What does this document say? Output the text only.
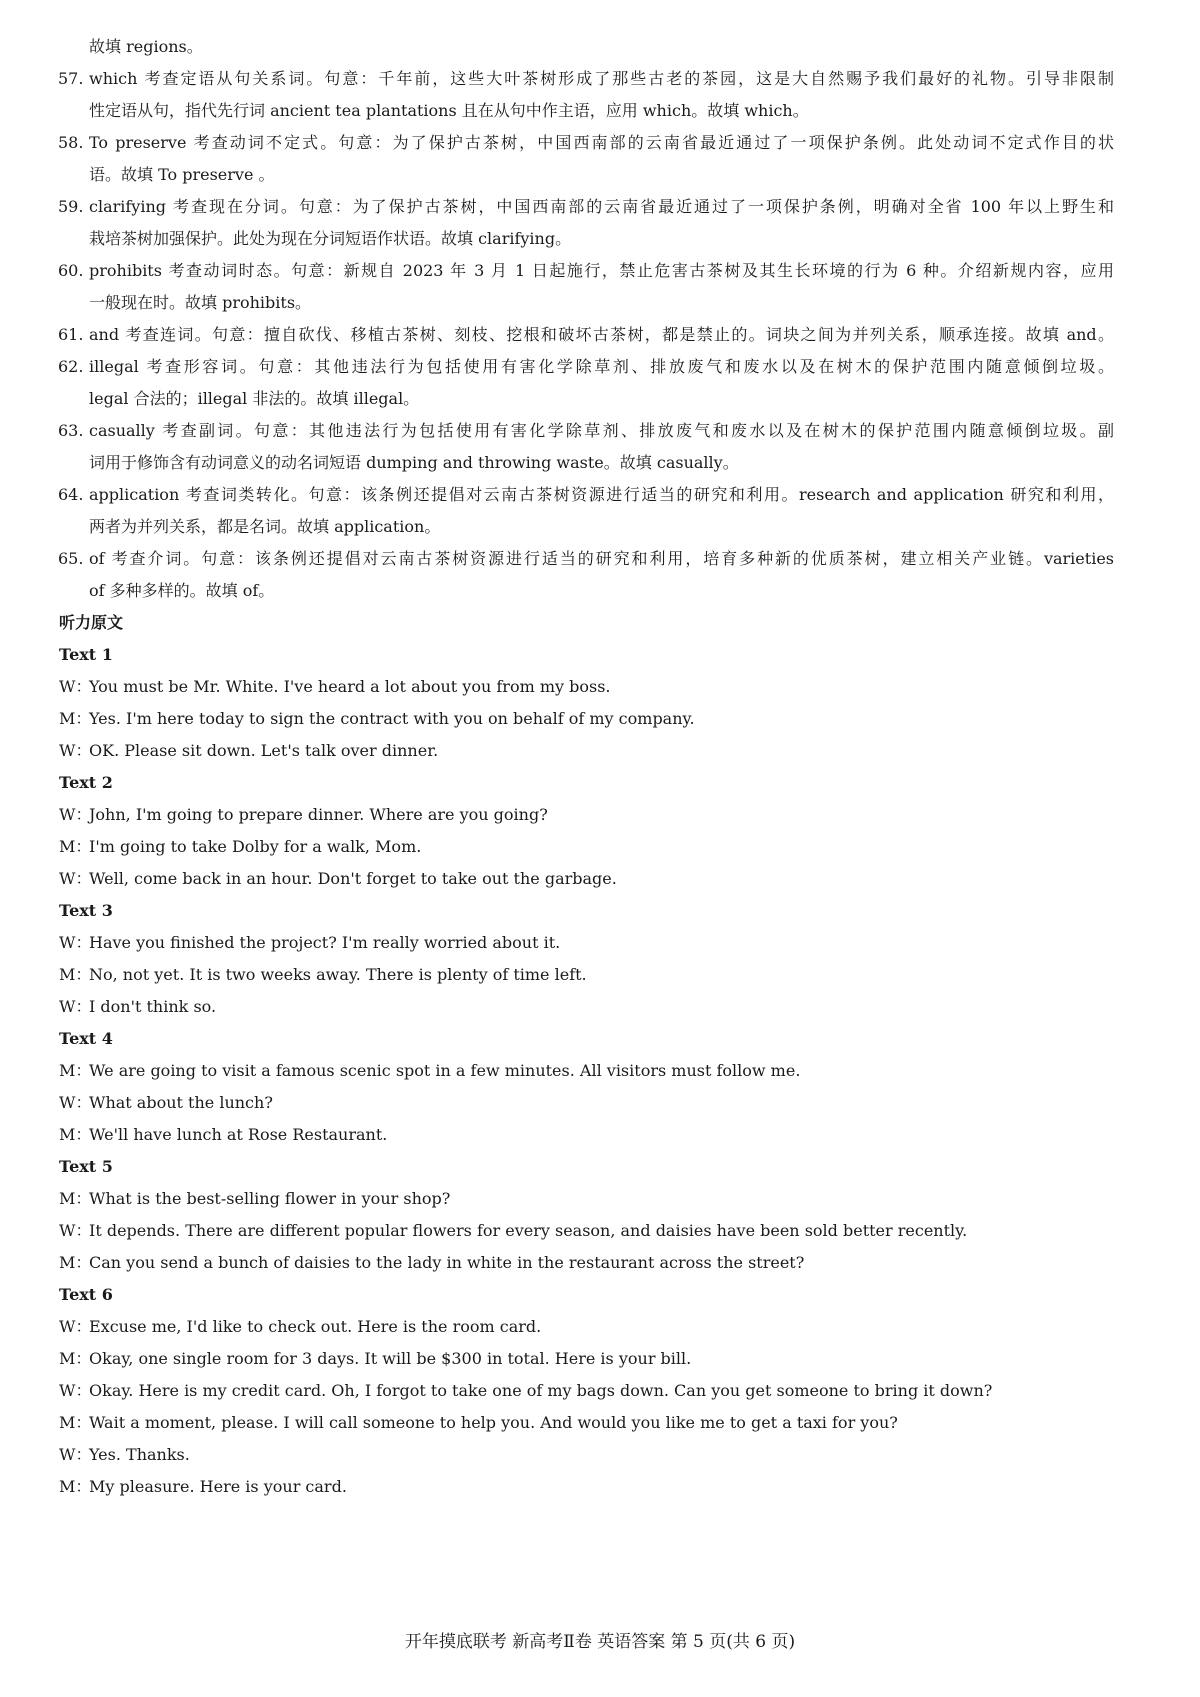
故填 regions。
57. which 考查定语从句关系词。句意：千年前，这些大叶茶树形成了那些古老的茶园，这是大自然赐予我们最好的礼物。引导非限制
性定语从句，指代先行词 ancient tea plantations 且在从句中作主语，应用 which。故填 which。
58. To preserve 考查动词不定式。句意：为了保护古茶树，中国西南部的云南省最近通过了一项保护条例。此处动词不定式作目的状
语。故填 To preserve 。
59. clarifying 考查现在分词。句意：为了保护古茶树，中国西南部的云南省最近通过了一项保护条例，明确对全省 100 年以上野生和
栽培茶树加强保护。此处为现在分词短语作状语。故填 clarifying。
60. prohibits 考查动词时态。句意：新规自 2023 年 3 月 1 日起施行，禁止危害古茶树及其生长环境的行为 6 种。介绍新规内容，应用
一般现在时。故填 prohibits。
61. and 考查连词。句意：擅自砍伐、移植古茶树、刻枝、挖根和破坏古茶树，都是禁止的。词块之间为并列关系，顺承连接。故填 and。
62. illegal 考查形容词。句意：其他违法行为包括使用有害化学除草剂、排放废气和废水以及在树木的保护范围内随意倾倒垃圾。
legal 合法的；illegal 非法的。故填 illegal。
63. casually 考查副词。句意：其他违法行为包括使用有害化学除草剂、排放废气和废水以及在树木的保护范围内随意倾倒垃圾。副
词用于修饰含有动词意义的动名词短语 dumping and throwing waste。故填 casually。
64. application 考查词类转化。句意：该条例还提倡对云南古茶树资源进行适当的研究和利用。research and application 研究和利用，
两者为并列关系，都是名词。故填 application。
65. of 考查介词。句意：该条例还提倡对云南古茶树资源进行适当的研究和利用，培育多种新的优质茶树，建立相关产业链。varieties
of 多种多样的。故填 of。
听力原文
Text 1
W：
You must be Mr. White. I've heard a lot about you from my boss.
M：
Yes. I'm here today to sign the contract with you on behalf of my company.
W：
OK. Please sit down. Let's talk over dinner.
Text 2
W：
John, I'm going to prepare dinner. Where are you going?
M：
I'm going to take Dolby for a walk, Mom.
W：
Well, come back in an hour. Don't forget to take out the garbage.
Text 3
W：
Have you finished the project? I'm really worried about it.
M：
No, not yet. It is two weeks away. There is plenty of time left.
W：
I don't think so.
Text 4
M：
We are going to visit a famous scenic spot in a few minutes. All visitors must follow me.
W：
What about the lunch?
M：
We'll have lunch at Rose Restaurant.
Text 5
M：
What is the best-selling flower in your shop?
W：
It depends. There are different popular flowers for every season, and daisies have been sold better recently.
M：
Can you send a bunch of daisies to the lady in white in the restaurant across the street?
Text 6
W：
Excuse me, I'd like to check out. Here is the room card.
M：
Okay, one single room for 3 days. It will be $300 in total. Here is your bill.
W：
Okay. Here is my credit card. Oh, I forgot to take one of my bags down. Can you get someone to bring it down?
M：
Wait a moment, please. I will call someone to help you. And would you like me to get a taxi for you?
W：
Yes. Thanks.
M：
My pleasure. Here is your card.
开年摸底联考 新高考Ⅱ卷 英语答案 第 5 页(共 6 页)
